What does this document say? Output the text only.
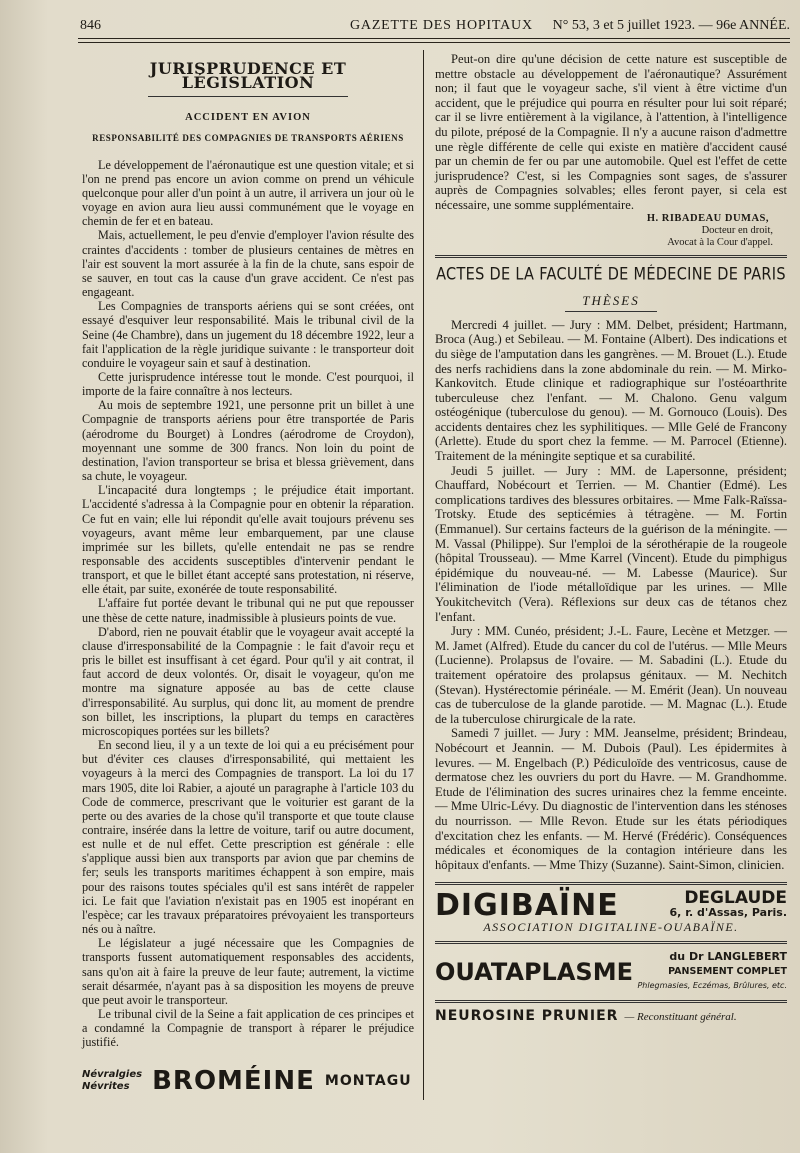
846	GAZETTE DES HOPITAUX N° 53, 3 et 5 juillet 1923. — 96e ANNÉE.
JURISPRUDENCE ET LÉGISLATION
ACCIDENT EN AVION
RESPONSABILITÉ DES COMPAGNIES DE TRANSPORTS AÉRIENS

Le développement de l'aéronautique est une question vitale; et si l'on ne prend pas encore un avion comme on prend un véhicule quelconque pour aller d'un point à un autre, il arrivera un jour où le voyage en avion aura lieu aussi communément que le voyage en chemin de fer et en bateau.

Mais, actuellement, le peu d'envie d'employer l'avion résulte des craintes d'accidents : tomber de plusieurs centaines de mètres en l'air est souvent la mort assurée à la fin de la chute, sans espoir de se sauver, en tout cas la cause d'un grave accident. Ce n'est pas engageant.

Les Compagnies de transports aériens qui se sont créées, ont essayé d'esquiver leur responsabilité. Mais le tribunal civil de la Seine (4e Chambre), dans un jugement du 18 décembre 1922, leur a fait l'application de la règle juridique suivante : le transporteur doit conduire le voyageur sain et sauf à destination.

Cette jurisprudence intéresse tout le monde. C'est pourquoi, il importe de la faire connaître à nos lecteurs.

Au mois de septembre 1921, une personne prit un billet à une Compagnie de transports aériens pour être transportée de Paris (aérodrome du Bourget) à Londres (aérodrome de Croydon), moyennant une somme de 300 francs. Non loin du point de destination, l'avion transporteur se brisa et blessa grièvement, dans sa chute, le voyageur.

L'incapacité dura longtemps ; le préjudice était important. L'accidenté s'adressa à la Compagnie pour en obtenir la réparation. Ce fut en vain; elle lui répondit qu'elle avait toujours prévenu ses voyageurs, avant même leur embarquement, par une clause imprimée sur les billets, qu'elle entendait ne pas se rendre responsable des accidents susceptibles d'intervenir pendant le transport, et que le billet étant accepté sans protestation, ni réserve, elle était, par suite, exonérée de toute responsabilité.

L'affaire fut portée devant le tribunal qui ne put que repousser une thèse de cette nature, inadmissible à plusieurs points de vue.

D'abord, rien ne pouvait établir que le voyageur avait accepté la clause d'irresponsabilité de la Compagnie : le fait d'avoir reçu et pris le billet est insuffisant à cet égard. Pour qu'il y ait contrat, il faut accord de deux volontés. Or, disait le voyageur, qu'on me montre ma signature apposée au bas de cette clause d'irresponsabilité. Au surplus, qui donc lit, au moment de prendre son billet, les inscriptions, la plupart du temps en caractères microscopiques portées sur les billets?

En second lieu, il y a un texte de loi qui a eu précisément pour but d'éviter ces clauses d'irresponsabilité, qui mettaient les voyageurs à la merci des Compagnies de transport. La loi du 17 mars 1905, dite loi Rabier, a ajouté un paragraphe à l'article 103 du Code de commerce, prescrivant que le voiturier est garant de la perte ou des avaries de la chose qu'il transporte et que toute clause contraire, insérée dans la lettre de voiture, tarif ou autre document, est nulle et de nul effet. Cette prescription est générale : elle s'applique aussi bien aux transports par avion que par chemins de fer; seuls les transports maritimes échappent à son empire, mais pour des raisons toutes spéciales qu'il est sans intérêt de rappeler ici. Le fait que l'aviation n'existait pas en 1905 est inopérant en l'espèce; car les travaux préparatoires prévoyaient les transporteurs nés ou à naître.

Le législateur a jugé nécessaire que les Compagnies de transports fussent automatiquement responsables des accidents, sans qu'on ait à faire la preuve de leur faute; autrement, la victime serait désarmée, n'ayant pas à sa disposition les moyens de preuve que peut avoir le transporteur.

Le tribunal civil de la Seine a fait application de ces principes et a condamné la Compagnie de transport à réparer le préjudice justifié.

Névralgies
Névrites BROMÉINE MONTAGU

Peut-on dire qu'une décision de cette nature est susceptible de mettre obstacle au développement de l'aéronautique? Assurément non; il faut que le voyageur sache, s'il vient à être victime d'un accident, que le préjudice qui pourra en résulter pour lui soit réparé; car il se livre entièrement à la vigilance, à l'attention, à l'intelligence du pilote, préposé de la Compagnie. Il n'y a aucune raison d'admettre une règle différente de celle qui existe en matière d'accident causé par un chemin de fer ou par une automobile. Quel est l'effet de cette jurisprudence? C'est, si les Compagnies sont sages, de s'assurer auprès de Compagnies solvables; elles feront payer, si cela est nécessaire, une somme supplémentaire.

H. RIBADEAU DUMAS,
Docteur en droit,
Avocat à la Cour d'appel.
ACTES DE LA FACULTÉ DE MÉDECINE DE PARIS
THÈSES

Mercredi 4 juillet. — Jury : MM. Delbet, président; Hartmann, Broca (Aug.) et Sebileau. — M. Fontaine (Albert). Des indications et du siège de l'amputation dans les gangrènes. — M. Brouet (L.). Etude des nerfs rachidiens dans la zone abdominale du rein. — M. Mirko-Kankovitch. Etude clinique et radiographique sur l'ostéoarthrite tuberculeuse chez l'enfant. — M. Chalono. Genu valgum ostéogénique (tuberculose du genou). — M. Gornouco (Louis). Des accidents dentaires chez les syphilitiques. — Mlle Gelé de Francony (Arlette). Etude du sport chez la femme. — M. Parrocel (Etienne). Traitement de la méningite septique et sa curabilité.

Jeudi 5 juillet. — Jury : MM. de Lapersonne, président; Chauffard, Nobécourt et Terrien. — M. Chantier (Edmé). Les complications tardives des blessures orbitaires. — Mme Falk-Raïssa-Trotsky. Etude des septicémies à tétragène. — M. Fortin (Emmanuel). Sur certains facteurs de la guérison de la méningite. — M. Vassal (Philippe). Sur l'emploi de la sérothérapie de la rougeole (hôpital Trousseau). — Mme Karrel (Vincent). Etude du pimphigus épidémique du nouveau-né. — M. Labesse (Maurice). Sur l'élimination de l'iode métalloïdique par les urines. — Mlle Youkitchevitch (Vera). Réflexions sur deux cas de tétanos chez l'enfant.

Jury : MM. Cunéo, président; J.-L. Faure, Lecène et Metzger. — M. Jamet (Alfred). Etude du cancer du col de l'utérus. — Mlle Meurs (Lucienne). Prolapsus de l'ovaire. — M. Sabadini (L.). Etude du traitement opératoire des prolapsus génitaux. — M. Nechitch (Stevan). Hystérectomie périnéale. — M. Emérit (Jean). Un nouveau cas de tuberculose de la glande parotide. — M. Magnac (L.). Etude de la tuberculose chirurgicale de la rate.

Samedi 7 juillet. — Jury : MM. Jeanselme, président; Brindeau, Nobécourt et Jeannin. — M. Dubois (Paul). Les épidermites à levures. — M. Engelbach (P.) Pédiculoïde des ventricosus, cause de dermatose chez les ouvriers du port du Havre. — M. Grandhomme. Etude de l'élimination des sucres urinaires chez la femme enceinte. — Mme Ulric-Lévy. Du diagnostic de l'intervention dans les sténoses du nourrisson. — Mlle Revon. Etude sur les états périodiques d'excitation chez les enfants. — M. Hervé (Frédéric). Conséquences médicales et économiques de la contagion intérieure dans les hôpitaux d'enfants. — Mme Thizy (Suzanne). Saint-Simon, clinicien.

DIGIBAÏNE	DEGLAUDE
6, r. d'Assas, Paris.
ASSOCIATION DIGITALINE-OUABAÏNE.
OUATAPLASME
du Dr LANGLEBERT
PANSEMENT COMPLET
Phlegmasies, Eczémas, Brûlures, etc.
NEUROSINE PRUNIER — Reconstituant général.
